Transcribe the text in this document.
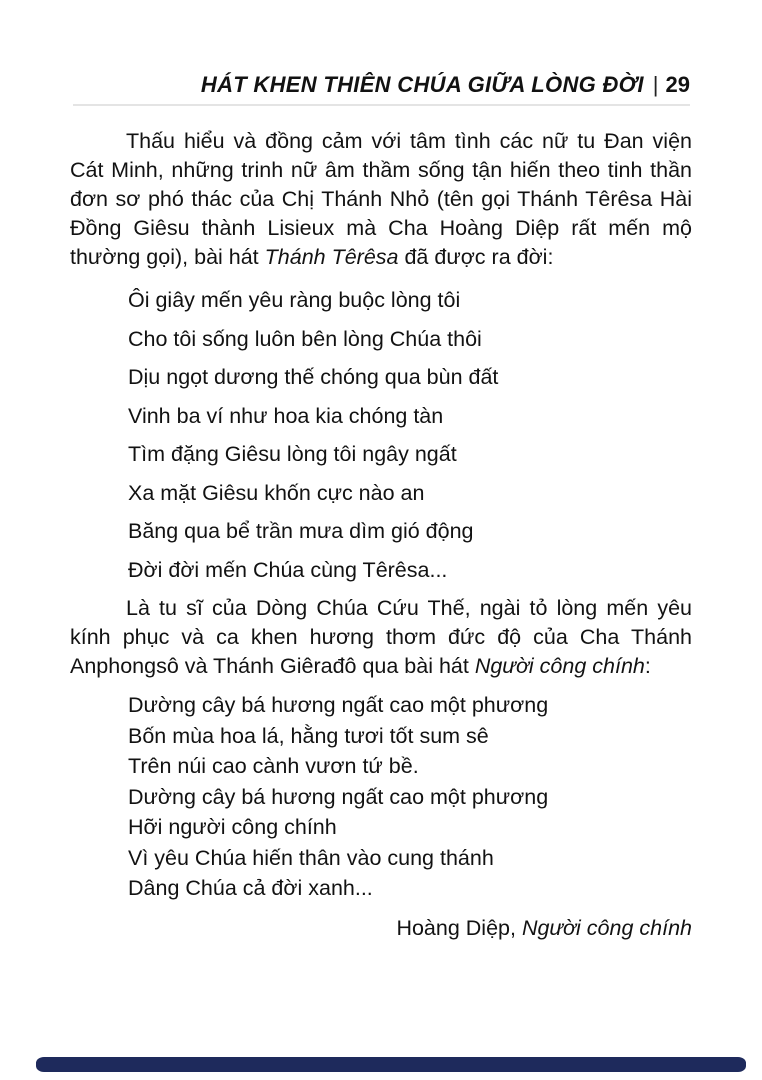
HÁT KHEN THIÊN CHÚA GIỮA LÒNG ĐỜI | 29

Thấu hiểu và đồng cảm với tâm tình các nữ tu Đan viện Cát Minh, những trinh nữ âm thầm sống tận hiến theo tinh thần đơn sơ phó thác của Chị Thánh Nhỏ (tên gọi Thánh Têrêsa Hài Đồng Giêsu thành Lisieux mà Cha Hoàng Diệp rất mến mộ thường gọi), bài hát Thánh Têrêsa đã được ra đời:

Ôi giây mến yêu ràng buộc lòng tôi
Cho tôi sống luôn bên lòng Chúa thôi
Dịu ngọt dương thế chóng qua bùn đất
Vinh ba ví như hoa kia chóng tàn
Tìm đặng Giêsu lòng tôi ngây ngất
Xa mặt Giêsu khốn cực nào an
Băng qua bể trần mưa dìm gió động
Đời đời mến Chúa cùng Têrêsa...

Là tu sĩ của Dòng Chúa Cứu Thế, ngài tỏ lòng mến yêu kính phục và ca khen hương thơm đức độ của Cha Thánh Anphongsô và Thánh Giêrađô qua bài hát Người công chính:

Dường cây bá hương ngất cao một phương
Bốn mùa hoa lá, hằng tươi tốt sum sê
Trên núi cao cành vươn tứ bề.
Dường cây bá hương ngất cao một phương
Hỡi người công chính
Vì yêu Chúa hiến thân vào cung thánh
Dâng Chúa cả đời xanh...
Hoàng Diệp, Người công chính
